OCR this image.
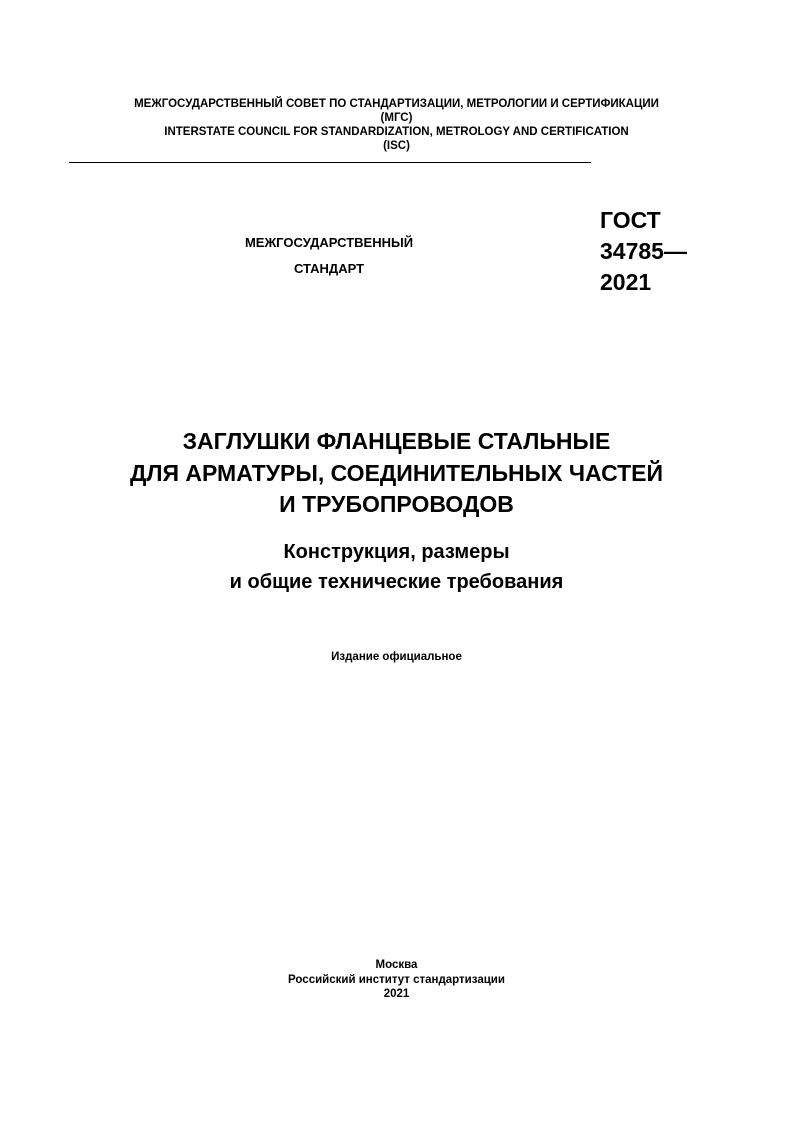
МЕЖГОСУДАРСТВЕННЫЙ СОВЕТ ПО СТАНДАРТИЗАЦИИ, МЕТРОЛОГИИ И СЕРТИФИКАЦИИ
(МГС)
INTERSTATE COUNCIL FOR STANDARDIZATION, METROLOGY AND CERTIFICATION
(ISC)
МЕЖГОСУДАРСТВЕННЫЙ
СТАНДАРТ
ГОСТ
34785—
2021
ЗАГЛУШКИ ФЛАНЦЕВЫЕ СТАЛЬНЫЕ
ДЛЯ АРМАТУРЫ, СОЕДИНИТЕЛЬНЫХ ЧАСТЕЙ
И ТРУБОПРОВОДОВ
Конструкция, размеры
и общие технические требования
Издание официальное
Москва
Российский институт стандартизации
2021
